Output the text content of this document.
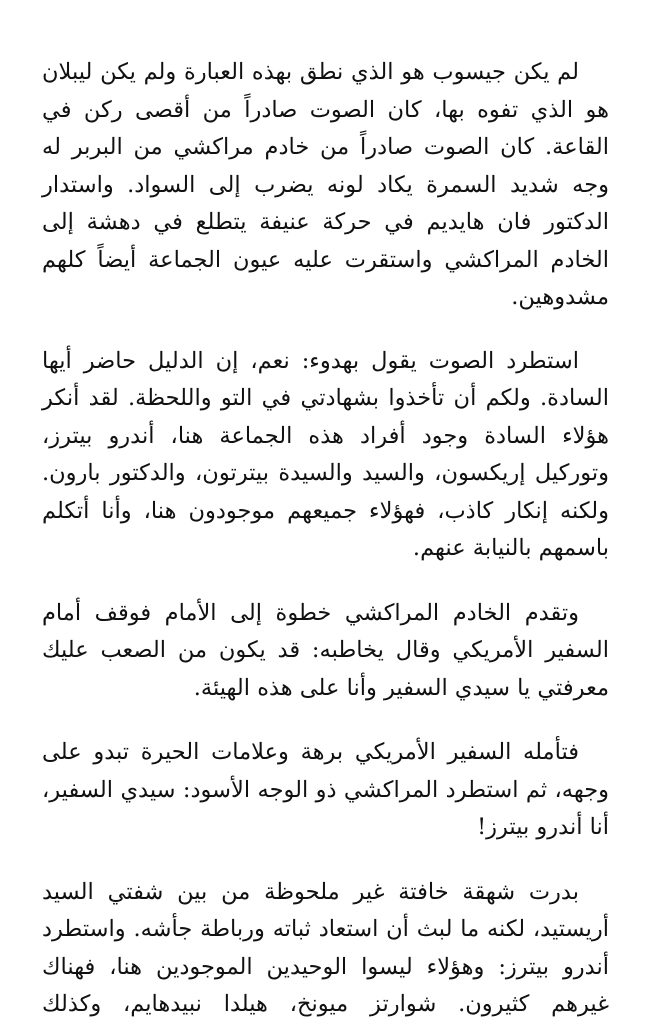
لم يكن جيسوب هو الذي نطق بهذه العبارة ولم يكن ليبلان هو الذي تفوه بها، كان الصوت صادراً من أقصى ركن في القاعة. كان الصوت صادراً من خادم مراكشي من البربر له وجه شديد السمرة يكاد لونه يضرب إلى السواد. واستدار الدكتور فان هايديم في حركة عنيفة يتطلع في دهشة إلى الخادم المراكشي واستقرت عليه عيون الجماعة أيضاً كلهم مشدوهين.

استطرد الصوت يقول بهدوء: نعم، إن الدليل حاضر أيها السادة. ولكم أن تأخذوا بشهادتي في التو واللحظة. لقد أنكر هؤلاء السادة وجود أفراد هذه الجماعة هنا، أندرو بيترز، وتوركيل إريكسون، والسيد والسيدة بيترتون، والدكتور بارون. ولكنه إنكار كاذب، فهؤلاء جميعهم موجودون هنا، وأنا أتكلم باسمهم بالنيابة عنهم.

وتقدم الخادم المراكشي خطوة إلى الأمام فوقف أمام السفير الأمريكي وقال يخاطبه: قد يكون من الصعب عليك معرفتي يا سيدي السفير وأنا على هذه الهيئة.

فتأمله السفير الأمريكي برهة وعلامات الحيرة تبدو على وجهه، ثم استطرد المراكشي ذو الوجه الأسود: سيدي السفير، أنا أندرو بيترز!

بدرت شهقة خافتة غير ملحوظة من بين شفتي السيد أريستيد، لكنه ما لبث أن استعاد ثباته ورباطة جأشه. واستطرد أندرو بيترز: وهؤلاء ليسوا الوحيدين الموجودين هنا، فهناك غيرهم كثيرون. شوارتز ميونخ، هيلدا نبيدهايم، وكذلك
